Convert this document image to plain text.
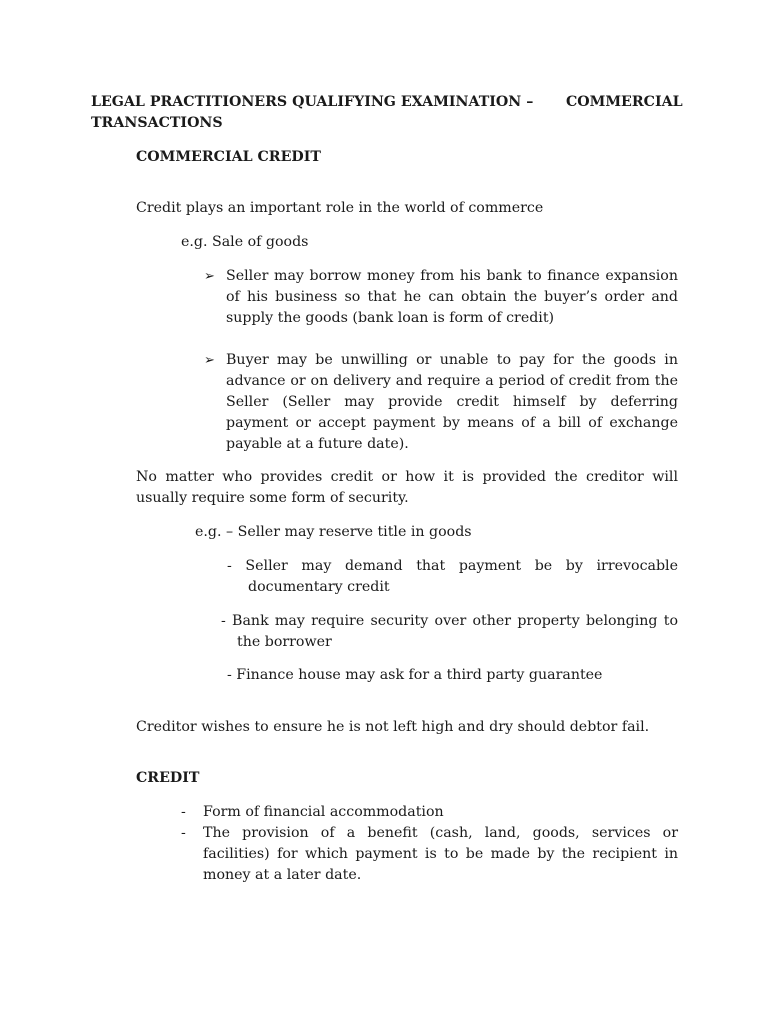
LEGAL PRACTITIONERS QUALIFYING EXAMINATION – COMMERCIAL
TRANSACTIONS
COMMERCIAL CREDIT
Credit plays an important role in the world of commerce
e.g. Sale of goods
➢ Seller may borrow money from his bank to finance expansion
of his business so that he can obtain the buyer’s order and
supply the goods (bank loan is form of credit)
➢ Buyer may be unwilling or unable to pay for the goods in
advance or on delivery and require a period of credit from the
Seller (Seller may provide credit himself by deferring
payment or accept payment by means of a bill of exchange
payable at a future date).
No matter who provides credit or how it is provided the creditor will
usually require some form of security.
e.g. – Seller may reserve title in goods
- Seller may demand that payment be by irrevocable
documentary credit
- Bank may require security over other property belonging to
the borrower
- Finance house may ask for a third party guarantee
Creditor wishes to ensure he is not left high and dry should debtor fail.
CREDIT
- Form of financial accommodation
- The provision of a benefit (cash, land, goods, services or
facilities) for which payment is to be made by the recipient in
money at a later date.
